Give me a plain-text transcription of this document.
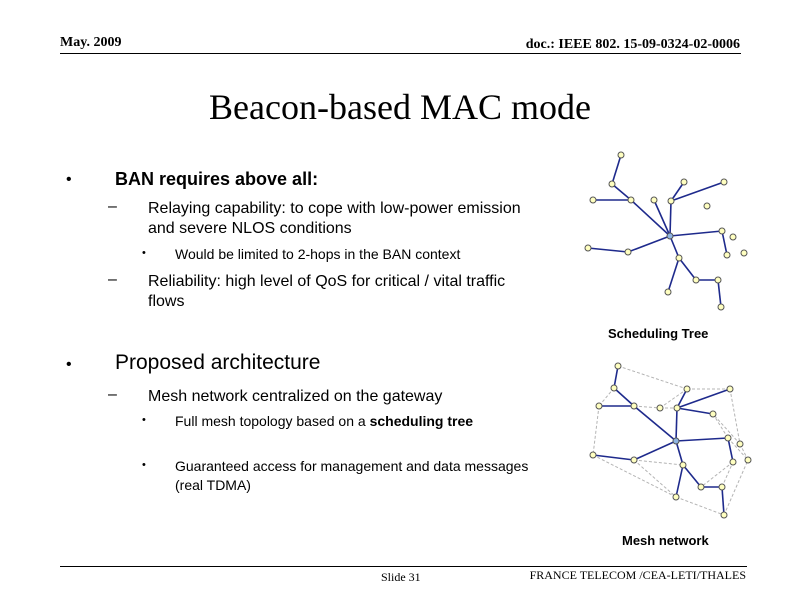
May. 2009	doc.: IEEE 802. 15-09-0324-02-0006
Beacon-based MAC mode
• BAN requires above all:
– Relaying capability: to cope with low-power emission and severe NLOS conditions
• Would be limited to 2-hops in the BAN context
– Reliability: high level of QoS for critical / vital traffic flows
• Proposed architecture
– Mesh network centralized on the gateway
• Full mesh topology based on a scheduling tree
• Guaranteed access for management and data messages (real TDMA)
Scheduling Tree
Mesh network
Slide 31	FRANCE TELECOM /CEA-LETI/THALES
